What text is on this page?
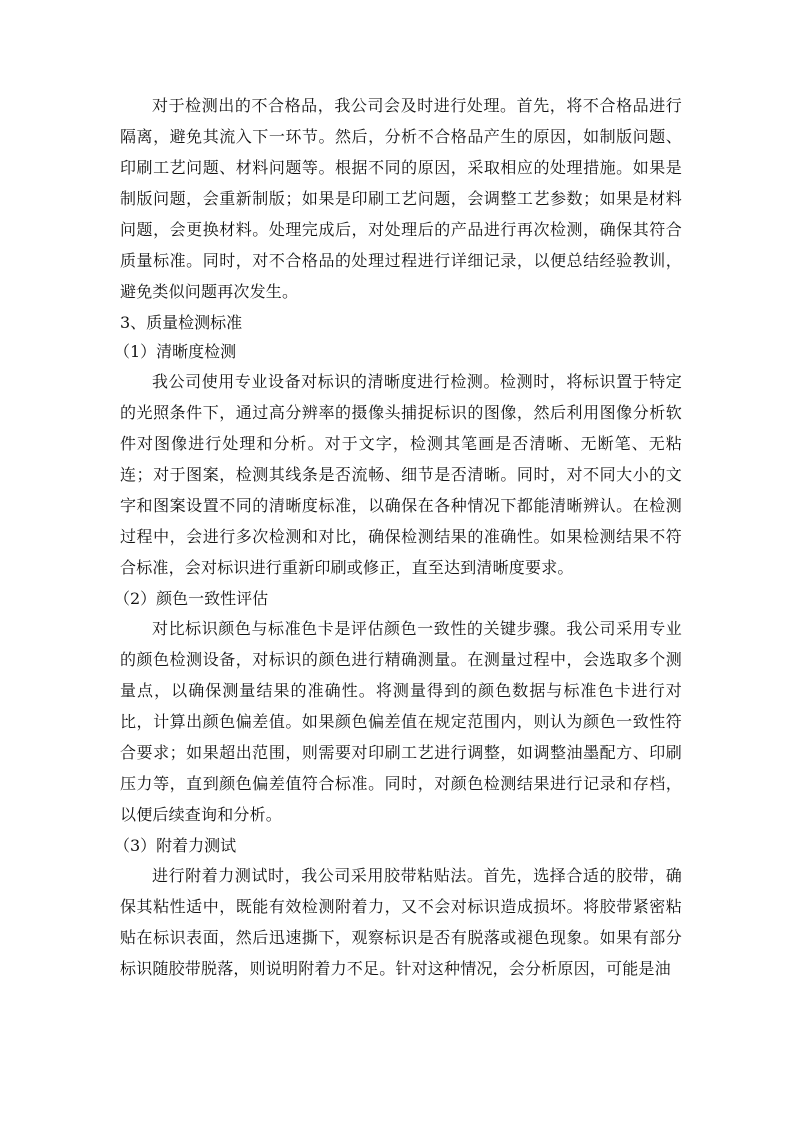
对于检测出的不合格品，我公司会及时进行处理。首先，将不合格品进行隔离，避免其流入下一环节。然后，分析不合格品产生的原因，如制版问题、印刷工艺问题、材料问题等。根据不同的原因，采取相应的处理措施。如果是制版问题，会重新制版；如果是印刷工艺问题，会调整工艺参数；如果是材料问题，会更换材料。处理完成后，对处理后的产品进行再次检测，确保其符合质量标准。同时，对不合格品的处理过程进行详细记录，以便总结经验教训，避免类似问题再次发生。

3、质量检测标准

（1）清晰度检测

我公司使用专业设备对标识的清晰度进行检测。检测时，将标识置于特定的光照条件下，通过高分辨率的摄像头捕捉标识的图像，然后利用图像分析软件对图像进行处理和分析。对于文字，检测其笔画是否清晰、无断笔、无粘连；对于图案，检测其线条是否流畅、细节是否清晰。同时，对不同大小的文字和图案设置不同的清晰度标准，以确保在各种情况下都能清晰辨认。在检测过程中，会进行多次检测和对比，确保检测结果的准确性。如果检测结果不符合标准，会对标识进行重新印刷或修正，直至达到清晰度要求。

（2）颜色一致性评估

对比标识颜色与标准色卡是评估颜色一致性的关键步骤。我公司采用专业的颜色检测设备，对标识的颜色进行精确测量。在测量过程中，会选取多个测量点，以确保测量结果的准确性。将测量得到的颜色数据与标准色卡进行对比，计算出颜色偏差值。如果颜色偏差值在规定范围内，则认为颜色一致性符合要求；如果超出范围，则需要对印刷工艺进行调整，如调整油墨配方、印刷压力等，直到颜色偏差值符合标准。同时，对颜色检测结果进行记录和存档，以便后续查询和分析。

（3）附着力测试

进行附着力测试时，我公司采用胶带粘贴法。首先，选择合适的胶带，确保其粘性适中，既能有效检测附着力，又不会对标识造成损坏。将胶带紧密粘贴在标识表面，然后迅速撕下，观察标识是否有脱落或褪色现象。如果有部分标识随胶带脱落，则说明附着力不足。针对这种情况，会分析原因，可能是油
